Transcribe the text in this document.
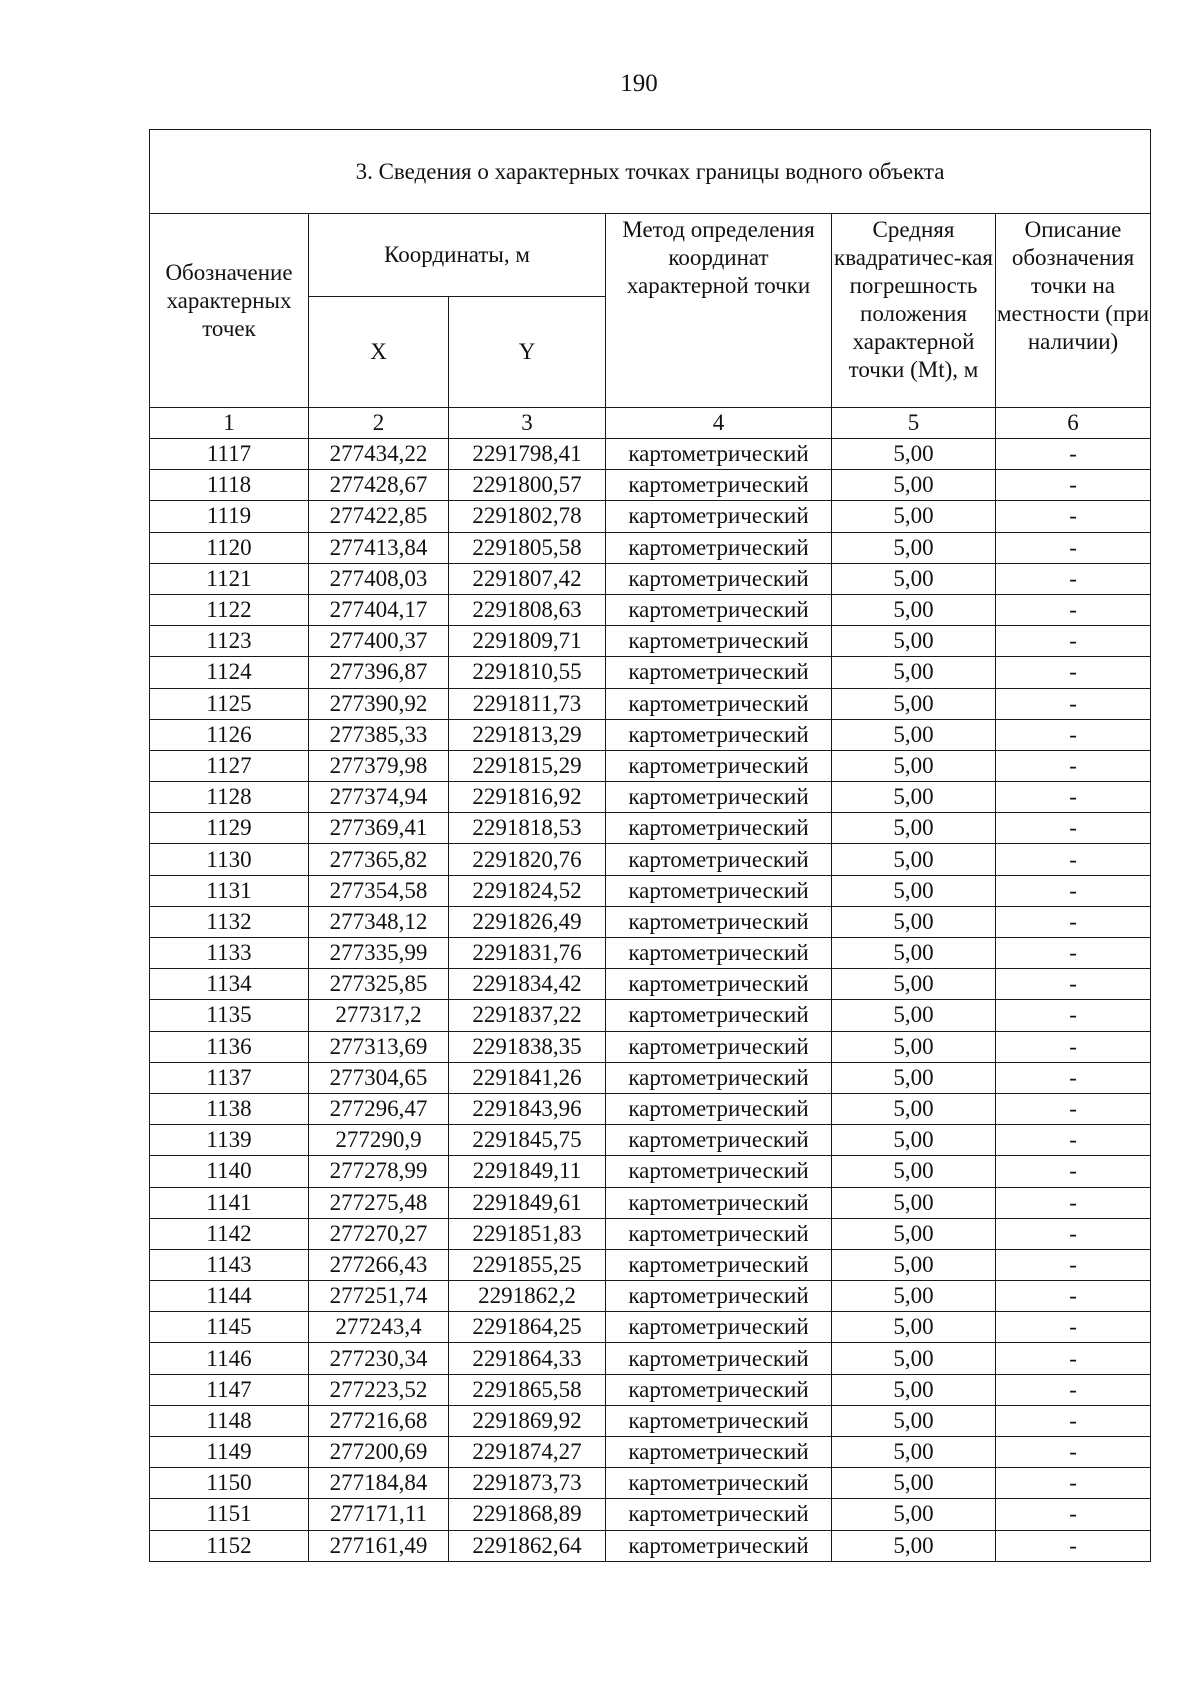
190
3. Сведения о характерных точках границы водного объекта					
Обозначение характерных точек	Координаты, м		Метод определения координат характерной точки	Средняя квадратичес-кая погрешность положения характерной точки (Mt), м	Описание обозначения точки на местности (при наличии)
	X	Y			
1	2	3	4	5	6
1117	277434,22	2291798,41	картометрический	5,00	-
1118	277428,67	2291800,57	картометрический	5,00	-
1119	277422,85	2291802,78	картометрический	5,00	-
1120	277413,84	2291805,58	картометрический	5,00	-
1121	277408,03	2291807,42	картометрический	5,00	-
1122	277404,17	2291808,63	картометрический	5,00	-
1123	277400,37	2291809,71	картометрический	5,00	-
1124	277396,87	2291810,55	картометрический	5,00	-
1125	277390,92	2291811,73	картометрический	5,00	-
1126	277385,33	2291813,29	картометрический	5,00	-
1127	277379,98	2291815,29	картометрический	5,00	-
1128	277374,94	2291816,92	картометрический	5,00	-
1129	277369,41	2291818,53	картометрический	5,00	-
1130	277365,82	2291820,76	картометрический	5,00	-
1131	277354,58	2291824,52	картометрический	5,00	-
1132	277348,12	2291826,49	картометрический	5,00	-
1133	277335,99	2291831,76	картометрический	5,00	-
1134	277325,85	2291834,42	картометрический	5,00	-
1135	277317,2	2291837,22	картометрический	5,00	-
1136	277313,69	2291838,35	картометрический	5,00	-
1137	277304,65	2291841,26	картометрический	5,00	-
1138	277296,47	2291843,96	картометрический	5,00	-
1139	277290,9	2291845,75	картометрический	5,00	-
1140	277278,99	2291849,11	картометрический	5,00	-
1141	277275,48	2291849,61	картометрический	5,00	-
1142	277270,27	2291851,83	картометрический	5,00	-
1143	277266,43	2291855,25	картометрический	5,00	-
1144	277251,74	2291862,2	картометрический	5,00	-
1145	277243,4	2291864,25	картометрический	5,00	-
1146	277230,34	2291864,33	картометрический	5,00	-
1147	277223,52	2291865,58	картометрический	5,00	-
1148	277216,68	2291869,92	картометрический	5,00	-
1149	277200,69	2291874,27	картометрический	5,00	-
1150	277184,84	2291873,73	картометрический	5,00	-
1151	277171,11	2291868,89	картометрический	5,00	-
1152	277161,49	2291862,64	картометрический	5,00	-
